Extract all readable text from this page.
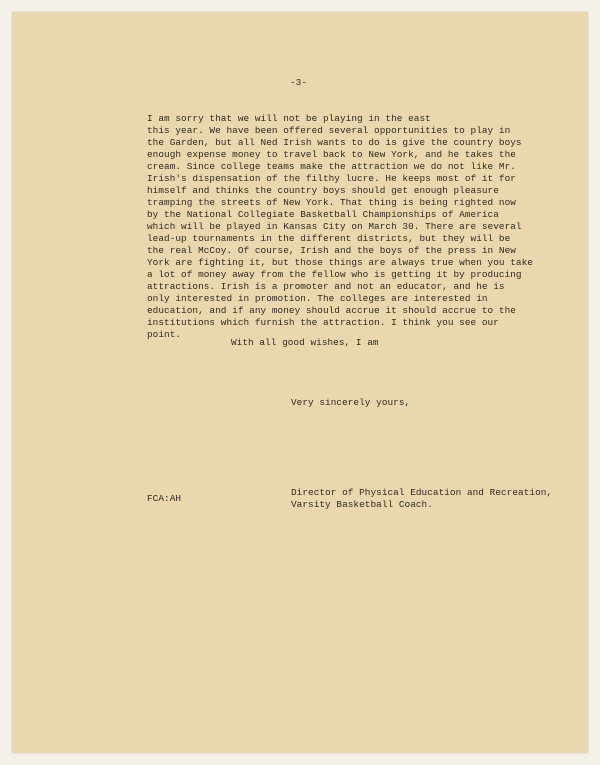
-3-
I am sorry that we will not be playing in the east
this year. We have been offered several opportunities to play in
the Garden, but all Ned Irish wants to do is give the country boys
enough expense money to travel back to New York, and he takes the
cream. Since college teams make the attraction we do not like Mr.
Irish's dispensation of the filthy lucre. He keeps most of it for
himself and thinks the country boys should get enough pleasure
tramping the streets of New York. That thing is being righted now
by the National Collegiate Basketball Championships of America
which will be played in Kansas City on March 30. There are several
lead-up tournaments in the different districts, but they will be
the real McCoy. Of course, Irish and the boys of the press in New
York are fighting it, but those things are always true when you take
a lot of money away from the fellow who is getting it by producing
attractions. Irish is a promoter and not an educator, and he is
only interested in promotion. The colleges are interested in
education, and if any money should accrue it should accrue to the
institutions which furnish the attraction. I think you see our
point.
With all good wishes, I am
Very sincerely yours,
FCA:AH
Director of Physical Education and Recreation,
Varsity Basketball Coach.
